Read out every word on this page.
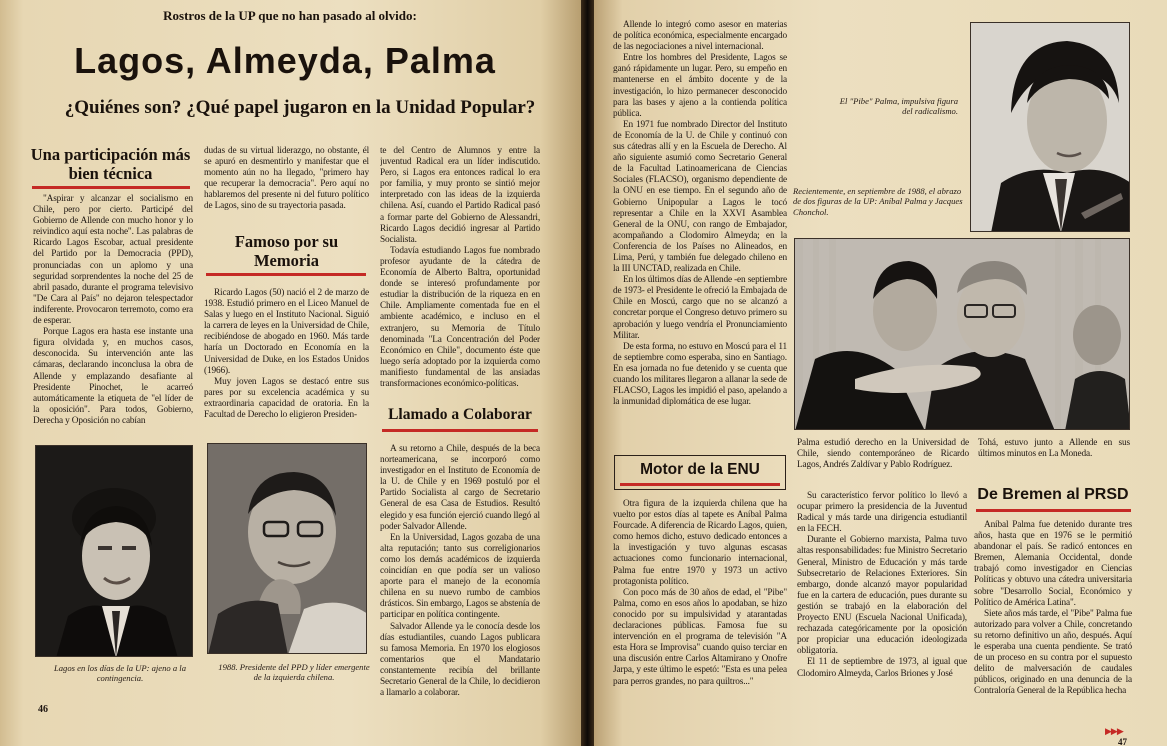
Rostros de la UP que no han pasado al olvido:
Lagos, Almeyda, Palma
¿Quiénes son? ¿Qué papel jugaron en la Unidad Popular?
Una participación más bien técnica

"Aspirar y alcanzar el socialismo en Chile, pero por cierto. Participé del Gobierno de Allende con mucho honor y lo reivindico aquí esta noche". Las palabras de Ricardo Lagos Escobar, actual presidente del Partido por la Democracia (PPD), pronunciadas con un aplomo y una seguridad sorprendentes la noche del 25 de abril pasado, durante el programa televisivo "De Cara al País" no dejaron telespectador indiferente. Provocaron terremoto, como era de esperar.

Porque Lagos era hasta ese instante una figura olvidada y, en muchos casos, desconocida. Su intervención ante las cámaras, declarando inconclusa la obra de Allende y emplazando desafiante al Presidente Pinochet, le acarreó automáticamente la etiqueta de "el líder de la oposición". Para todos, Gobierno, Derecha y Oposición no cabían

dudas de su virtual liderazgo, no obstante, él se apuró en desmentirlo y manifestar que el momento aún no ha llegado, "primero hay que recuperar la democracia". Pero aquí no hablaremos del presente ni del futuro político de Lagos, sino de su trayectoria pasada.

Famoso por su Memoria

Ricardo Lagos (50) nació el 2 de marzo de 1938. Estudió primero en el Liceo Manuel de Salas y luego en el Instituto Nacional. Siguió la carrera de leyes en la Universidad de Chile, recibiéndose de abogado en 1960. Más tarde haría un Doctorado en Economía en la Universidad de Duke, en los Estados Unidos (1966).

Muy joven Lagos se destacó entre sus pares por su excelencia académica y su extraordinaria capacidad de oratoria. En la Facultad de Derecho lo eligieron Presiden-

te del Centro de Alumnos y entre la juventud Radical era un líder indiscutido. Pero, si Lagos era entonces radical lo era por familia, y muy pronto se sintió mejor interpretado con las ideas de la izquierda chilena. Así, cuando el Partido Radical pasó a formar parte del Gobierno de Alessandri, Ricardo Lagos decidió ingresar al Partido Socialista.

Todavía estudiando Lagos fue nombrado profesor ayudante de la cátedra de Economía de Alberto Baltra, oportunidad donde se interesó profundamente por estudiar la distribución de la riqueza en en Chile. Ampliamente comentada fue en el ambiente académico, e incluso en el extranjero, su Memoria de Título denominada "La Concentración del Poder Económico en Chile", documento éste que luego sería adoptado por la izquierda como manifiesto fundamental de las ansiadas transformaciones económico-políticas.

Llamado a Colaborar

A su retorno a Chile, después de la beca norteamericana, se incorporó como investigador en el Instituto de Economía de la U. de Chile y en 1969 postuló por el Partido Socialista al cargo de Secretario General de esa Casa de Estudios. Resultó elegido y esa función ejerció cuando llegó al poder Salvador Allende.

En la Universidad, Lagos gozaba de una alta reputación; tanto sus correligionarios como los demás académicos de izquierda coincidían en que podía ser un valioso aporte para el manejo de la economía chilena en su nuevo rumbo de cambios drásticos. Sin embargo, Lagos se abstenía de participar en política contingente.

Salvador Allende ya le conocía desde los días estudiantiles, cuando Lagos publicara su famosa Memoria. En 1970 los elogiosos comentarios que el Mandatario constantemente recibía del brillante Secretario General de la Chile, lo decidieron a llamarlo a colaborar.

Lagos en los días de la UP: ajeno a la contingencia.
1988. Presidente del PPD y líder emergente de la izquierda chilena.
46

Allende lo integró como asesor en materias de política económica, especialmente encargado de las negociaciones a nivel internacional.

Entre los hombres del Presidente, Lagos se ganó rápidamente un lugar. Pero, su empeño en mantenerse en el ámbito docente y de la investigación, lo hizo permanecer desconocido para las bases y ajeno a la contienda política pública.

En 1971 fue nombrado Director del Instituto de Economía de la U. de Chile y continuó con sus cátedras allí y en la Escuela de Derecho. Al año siguiente asumió como Secretario General de la Facultad Latinoamericana de Ciencias Sociales (FLACSO), organismo dependiente de la ONU en ese tiempo. En el segundo año de Gobierno Unipopular a Lagos le tocó representar a Chile en la XXVI Asamblea General de la ONU, con rango de Embajador, acompañando a Clodomiro Almeyda; en la Conferencia de los Países no Alineados, en Lima, Perú, y también fue delegado chileno en la III UNCTAD, realizada en Chile.

En los últimos días de Allende -en septiembre de 1973- el Presidente le ofreció la Embajada de Chile en Moscú, cargo que no se alcanzó a concretar porque el Congreso detuvo primero su aprobación y luego vendría el Pronunciamiento Militar.

De esta forma, no estuvo en Moscú para el 11 de septiembre como esperaba, sino en Santiago. En esa jornada no fue detenido y se cuenta que cuando los militares llegaron a allanar la sede de FLACSO, Lagos les impidió el paso, apelando a la inmunidad diplomática de ese lugar.

Motor de la ENU

Otra figura de la izquierda chilena que ha vuelto por estos días al tapete es Aníbal Palma Fourcade. A diferencia de Ricardo Lagos, quien, como hemos dicho, estuvo dedicado entonces a la investigación y tuvo algunas escasas actuaciones como funcionario internacional, Palma fue entre 1970 y 1973 un activo protagonista político.

Con poco más de 30 años de edad, el "Pibe" Palma, como en esos años lo apodaban, se hizo conocido por su impulsividad y atarantadas declaraciones públicas. Famosa fue su intervención en el programa de televisión "A esta Hora se Improvisa" cuando quiso terciar en una discusión entre Carlos Altamirano y Onofre Jarpa, y este último le espetó: "Esta es una pelea para perros grandes, no para quiltros..."

El "Pibe" Palma, impulsiva figura del radicalismo.
Recientemente, en septiembre de 1988, el abrazo de dos figuras de la UP: Aníbal Palma y Jacques Chonchol.
Palma estudió derecho en la Universidad de Chile, siendo contemporáneo de Ricardo Lagos, Andrés Zaldívar y Pablo Rodríguez.
Tohá, estuvo junto a Allende en sus últimos minutos en La Moneda.

Su característico fervor político lo llevó a ocupar primero la presidencia de la Juventud Radical y más tarde una dirigencia estudiantil en la FECH.

Durante el Gobierno marxista, Palma tuvo altas responsabilidades: fue Ministro Secretario General, Ministro de Educación y más tarde Subsecretario de Relaciones Exteriores. Sin embargo, donde alcanzó mayor popularidad fue en la cartera de educación, pues durante su gestión se trabajó en la elaboración del Proyecto ENU (Escuela Nacional Unificada), rechazada categóricamente por la oposición por propiciar una educación ideologizada obligatoria.

El 11 de septiembre de 1973, al igual que Clodomiro Almeyda, Carlos Briones y José

De Bremen al PRSD

Aníbal Palma fue detenido durante tres años, hasta que en 1976 se le permitió abandonar el país. Se radicó entonces en Bremen, Alemania Occidental, donde trabajó como investigador en Ciencias Políticas y obtuvo una cátedra universitaria sobre "Desarrollo Social, Económico y Político de América Latina".

Siete años más tarde, el "Pibe" Palma fue autorizado para volver a Chile, concretando su retorno definitivo un año, después. Aquí le esperaba una cuenta pendiente. Se trató de un proceso en su contra por el supuesto delito de malversación de caudales públicos, originado en una denuncia de la Contraloría General de la República hecha

▶▶▶
47
